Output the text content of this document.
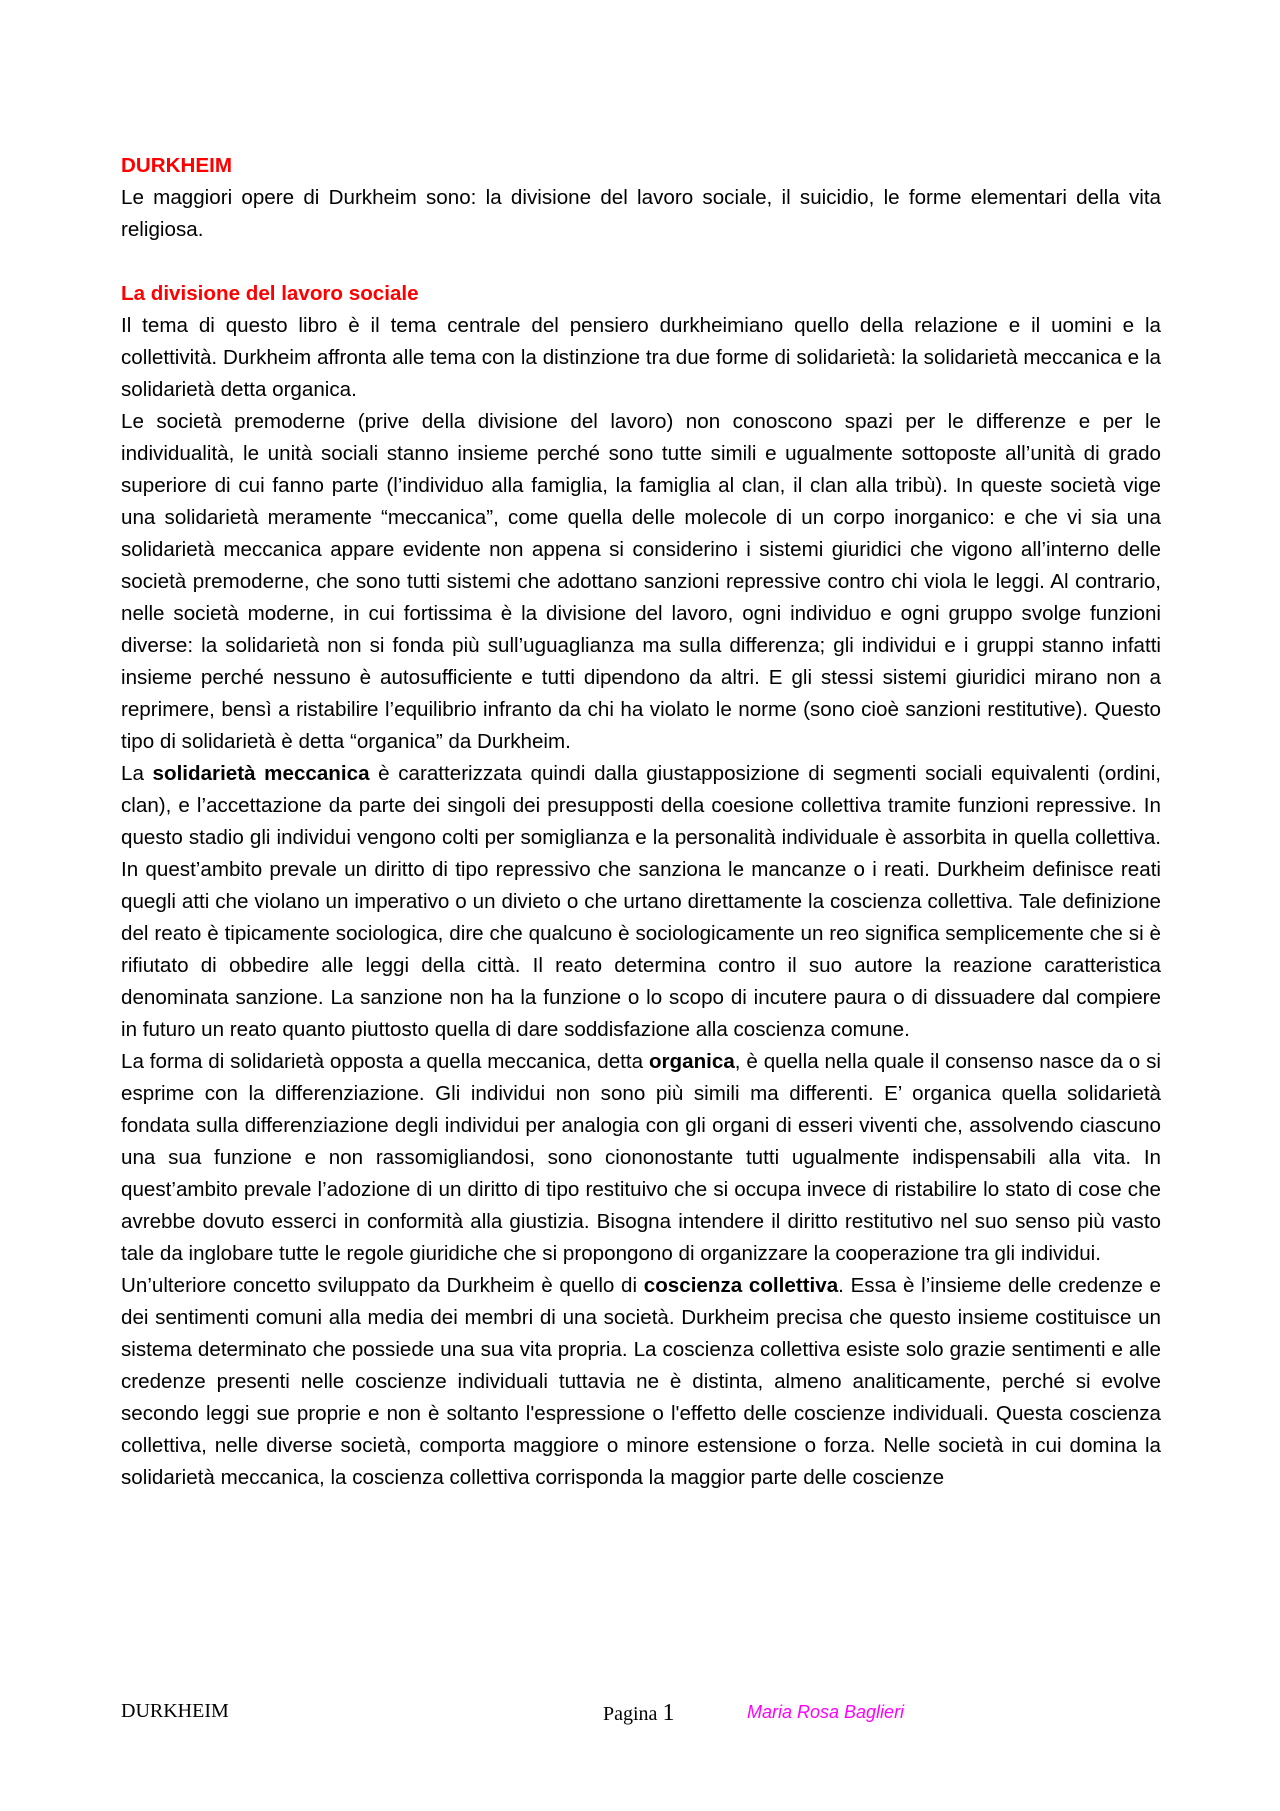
DURKHEIM
Le maggiori opere di Durkheim sono: la divisione del lavoro sociale, il suicidio, le forme elementari della vita religiosa.
La divisione del lavoro sociale
Il tema di questo libro è il tema centrale del pensiero durkheimiano quello della relazione e il uomini e la collettività. Durkheim affronta alle tema con la distinzione tra due forme di solidarietà: la solidarietà meccanica e la solidarietà detta organica.
Le società premoderne (prive della divisione del lavoro) non conoscono spazi per le differenze e per le individualità, le unità sociali stanno insieme perché sono tutte simili e ugualmente sottoposte all’unità di grado superiore di cui fanno parte (l’individuo alla famiglia, la famiglia al clan, il clan alla tribù). In queste società vige una solidarietà meramente “meccanica”, come quella delle molecole di un corpo inorganico: e che vi sia una solidarietà meccanica appare evidente non appena si considerino i sistemi giuridici che vigono all’interno delle società premoderne, che sono tutti sistemi che adottano sanzioni repressive contro chi viola le leggi. Al contrario, nelle società moderne, in cui fortissima è la divisione del lavoro, ogni individuo e ogni gruppo svolge funzioni diverse: la solidarietà non si fonda più sull’uguaglianza ma sulla differenza; gli individui e i gruppi stanno infatti insieme perché nessuno è autosufficiente e tutti dipendono da altri. E gli stessi sistemi giuridici mirano non a reprimere, bensì a ristabilire l’equilibrio infranto da chi ha violato le norme (sono cioè sanzioni restitutive). Questo tipo di solidarietà è detta “organica” da Durkheim.
La solidarietà meccanica è caratterizzata quindi dalla giustapposizione di segmenti sociali equivalenti (ordini, clan), e l’accettazione da parte dei singoli dei presupposti della coesione collettiva tramite funzioni repressive. In questo stadio gli individui vengono colti per somiglianza e la personalità individuale è assorbita in quella collettiva. In quest’ambito prevale un diritto di tipo repressivo che sanziona le mancanze o i reati. Durkheim definisce reati quegli atti che violano un imperativo o un divieto o che urtano direttamente la coscienza collettiva. Tale definizione del reato è tipicamente sociologica, dire che qualcuno è sociologicamente un reo significa semplicemente che si è rifiutato di obbedire alle leggi della città. Il reato determina contro il suo autore la reazione caratteristica denominata sanzione. La sanzione non ha la funzione o lo scopo di incutere paura o di dissuadere dal compiere in futuro un reato quanto piuttosto quella di dare soddisfazione alla coscienza comune.
La forma di solidarietà opposta a quella meccanica, detta organica, è quella nella quale il consenso nasce da o si esprime con la differenziazione. Gli individui non sono più simili ma differenti. E’ organica quella solidarietà fondata sulla differenziazione degli individui per analogia con gli organi di esseri viventi che, assolvendo ciascuno una sua funzione e non rassomigliandosi, sono ciononostante tutti ugualmente indispensabili alla vita. In quest’ambito prevale l’adozione di un diritto di tipo restituivo che si occupa invece di ristabilire lo stato di cose che avrebbe dovuto esserci in conformità alla giustizia. Bisogna intendere il diritto restitutivo nel suo senso più vasto tale da inglobare tutte le regole giuridiche che si propongono di organizzare la cooperazione tra gli individui.
Un’ulteriore concetto sviluppato da Durkheim è quello di coscienza collettiva. Essa è l’insieme delle credenze e dei sentimenti comuni alla media dei membri di una società. Durkheim precisa che questo insieme costituisce un sistema determinato che possiede una sua vita propria. La coscienza collettiva esiste solo grazie sentimenti e alle credenze presenti nelle coscienze individuali tuttavia ne è distinta, almeno analiticamente, perché si evolve secondo leggi sue proprie e non è soltanto l'espressione o l'effetto delle coscienze individuali. Questa coscienza collettiva, nelle diverse società, comporta maggiore o minore estensione o forza. Nelle società in cui domina la solidarietà meccanica, la coscienza collettiva corrisponda la maggior parte delle coscienze
DURKHEIM	Pagina 1	Maria Rosa Baglieri
